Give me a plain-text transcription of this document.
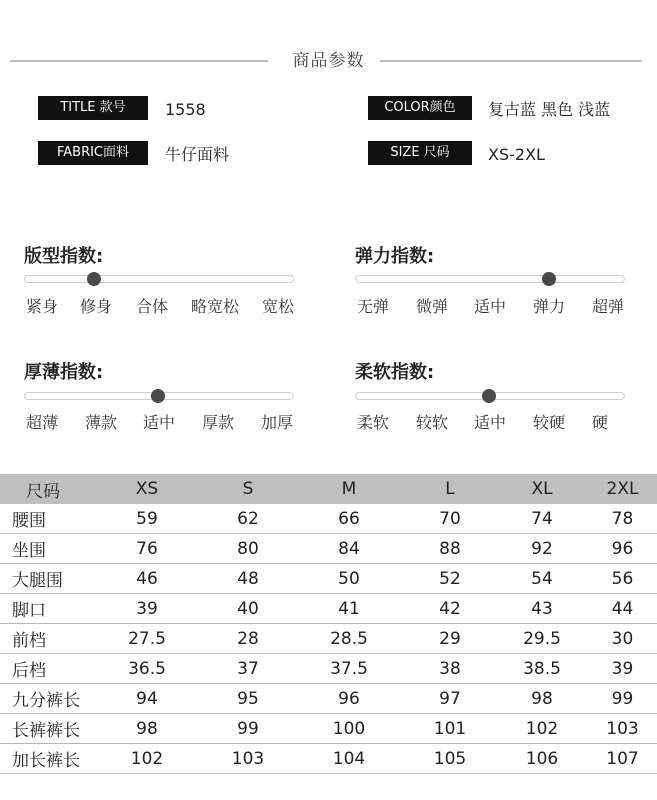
商品参数
TITLE 款号	1558	COLOR颜色	复古蓝 黑色 浅蓝
FABRIC面料	牛仔面料	SIZE 尺码	XS-2XL
版型指数:
紧身	修身	合体	略宽松	宽松
弹力指数:
无弹	微弹	适中	弹力	超弹
厚薄指数:
超薄	薄款	适中	厚款	加厚
柔软指数:
柔软	较软	适中	较硬	硬
尺码	XS	S	M	L	XL	2XL
腰围	59	62	66	70	74	78
坐围	76	80	84	88	92	96
大腿围	46	48	50	52	54	56
脚口	39	40	41	42	43	44
前档	27.5	28	28.5	29	29.5	30
后档	36.5	37	37.5	38	38.5	39
九分裤长	94	95	96	97	98	99
长裤裤长	98	99	100	101	102	103
加长裤长	102	103	104	105	106	107
